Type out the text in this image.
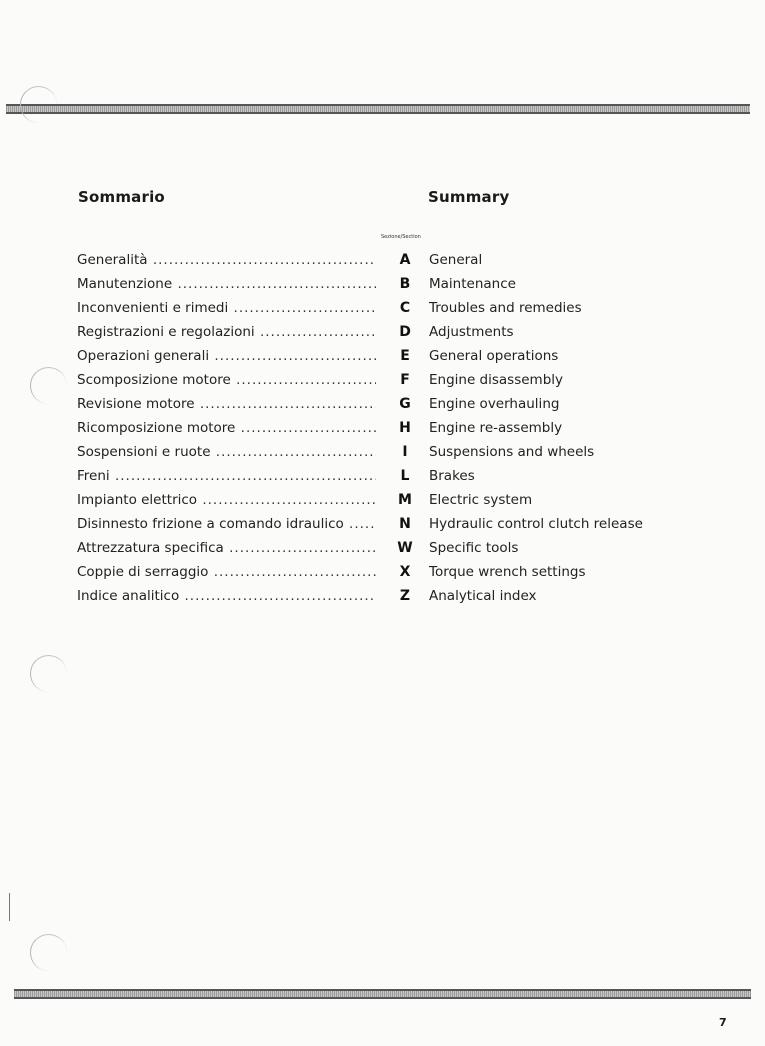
Sommario	Summary
Sezione/Section
Generalità .....	A	General
Manutenzione .....	B	Maintenance
Inconvenienti e rimedi .....	C	Troubles and remedies
Registrazioni e regolazioni .....	D	Adjustments
Operazioni generali .....	E	General operations
Scomposizione motore .....	F	Engine disassembly
Revisione motore .....	G	Engine overhauling
Ricomposizione motore .....	H	Engine re-assembly
Sospensioni e ruote .....	I	Suspensions and wheels
Freni .....	L	Brakes
Impianto elettrico .....	M	Electric system
Disinnesto frizione a comando idraulico .....	N	Hydraulic control clutch release
Attrezzatura specifica .....	W	Specific tools
Coppie di serraggio .....	X	Torque wrench settings
Indice analitico .....	Z	Analytical index
7
